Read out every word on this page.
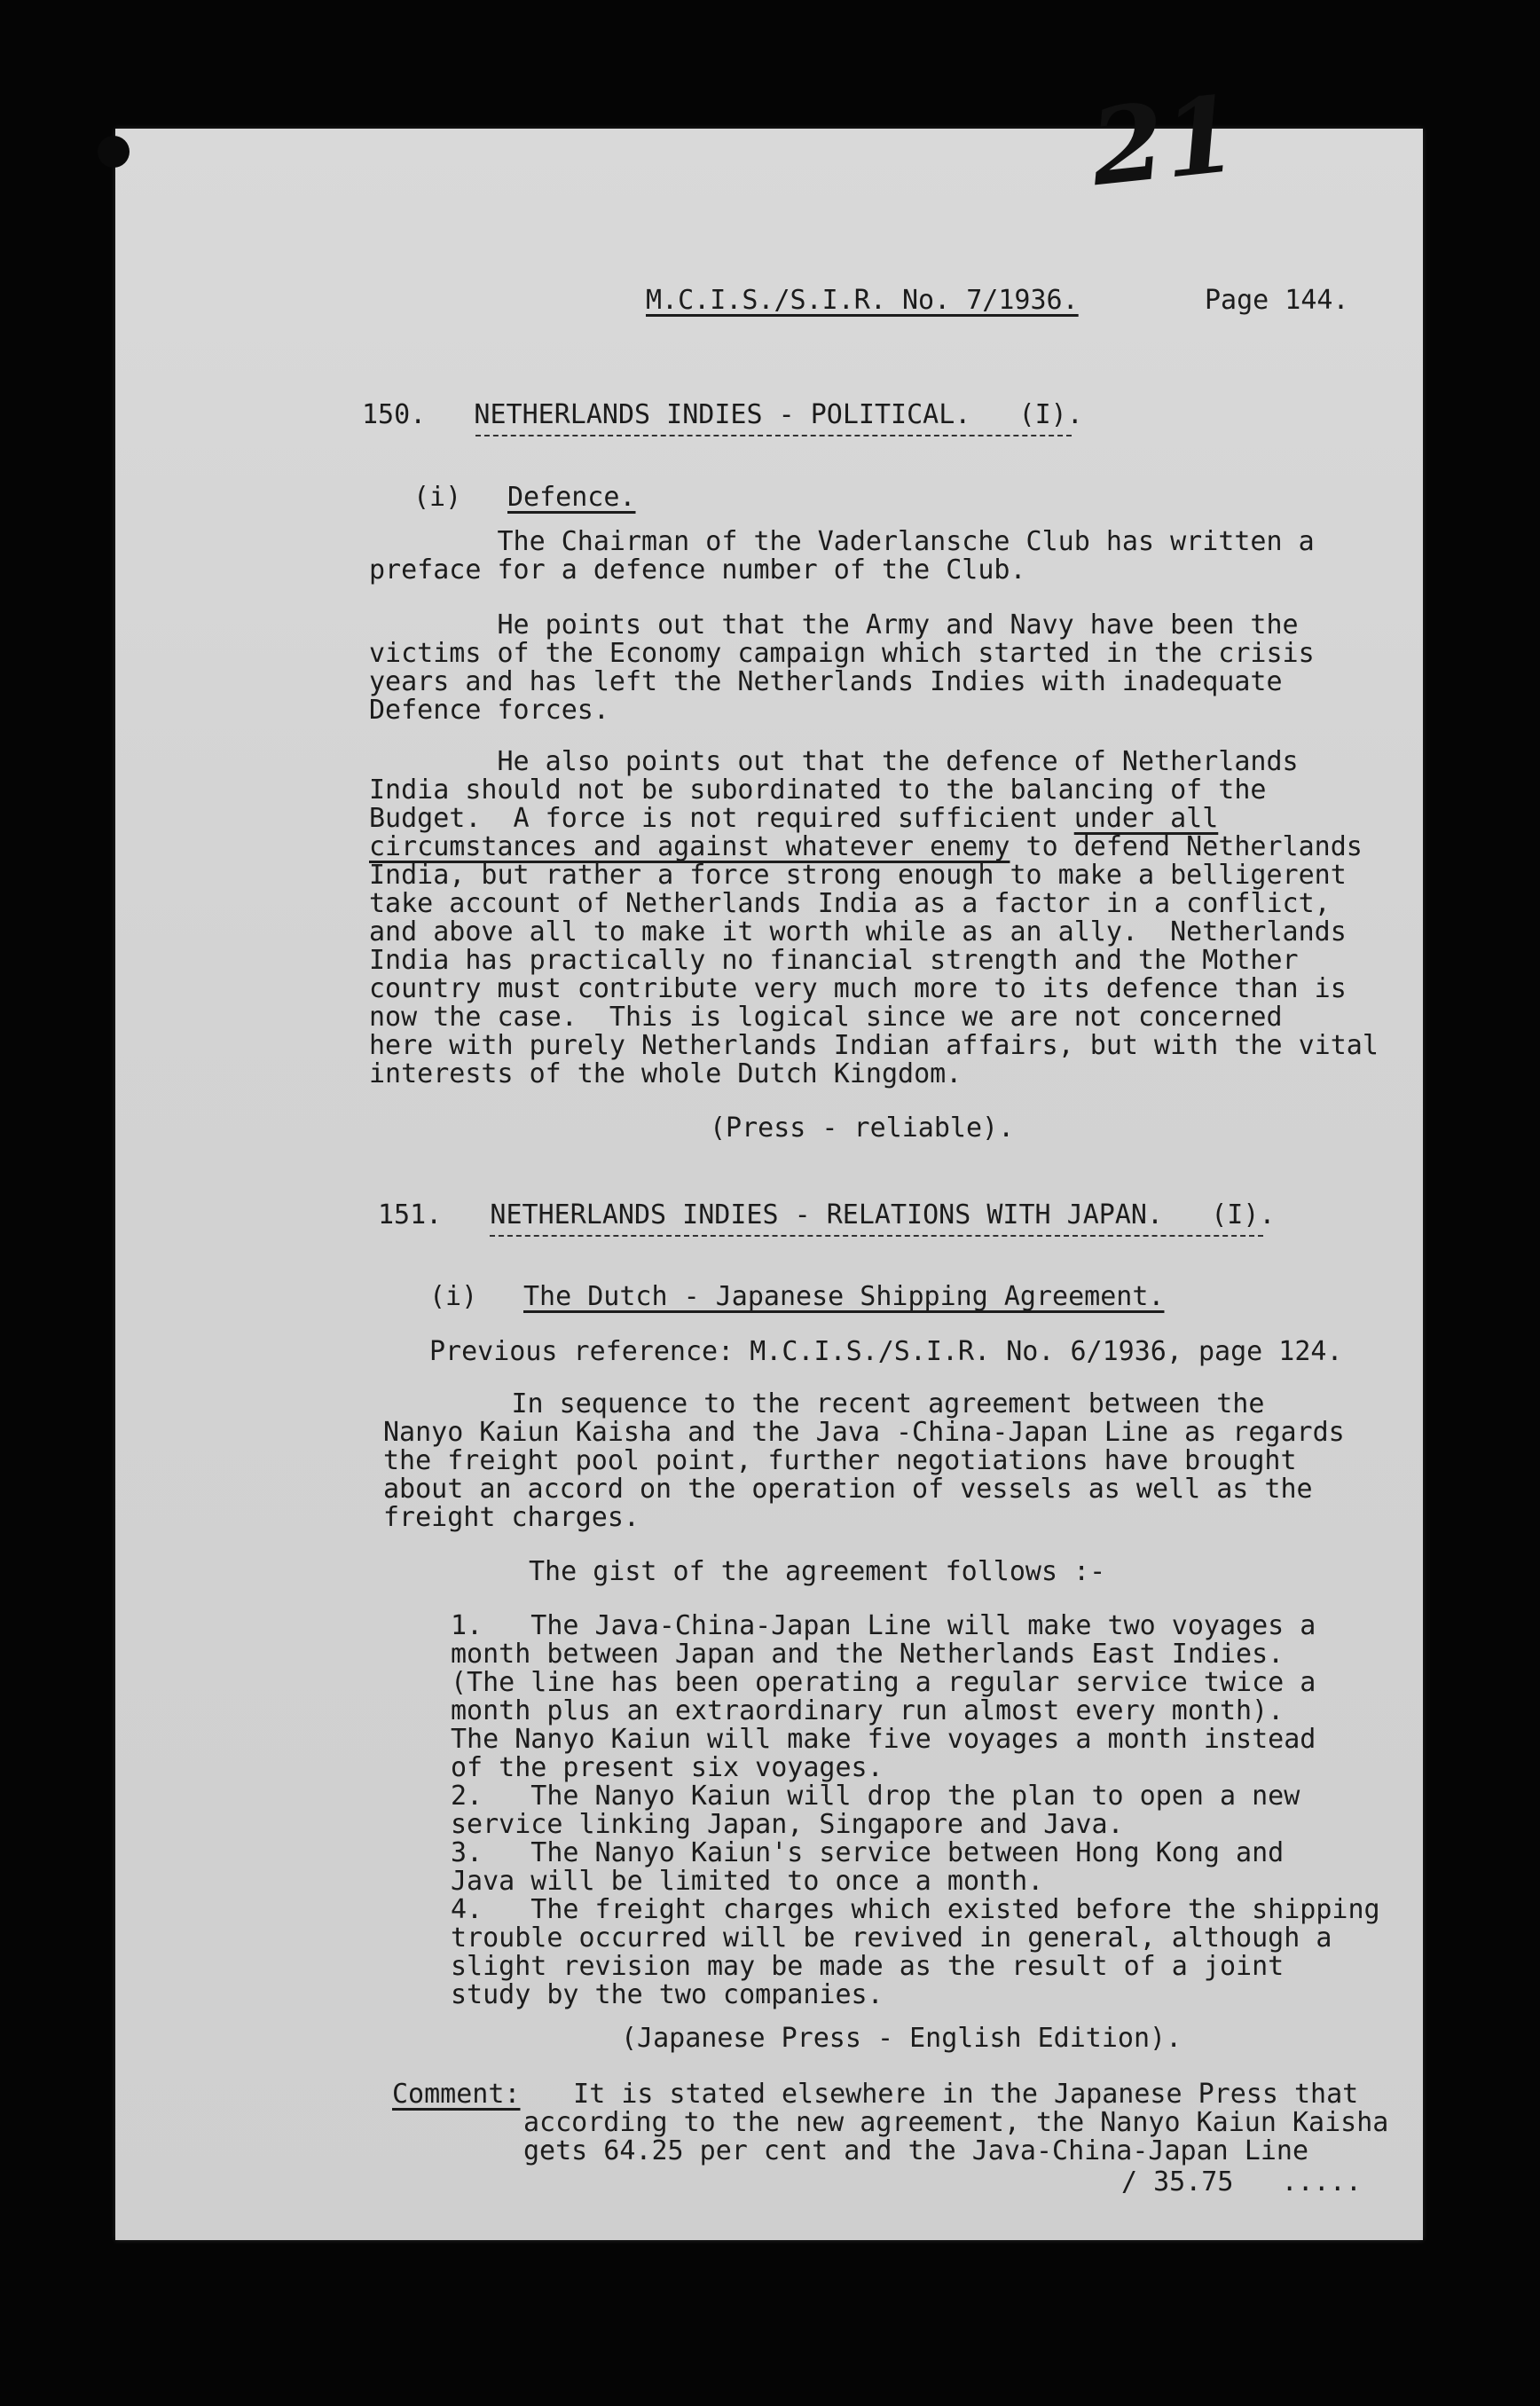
21
M.C.I.S./S.I.R. No. 7/1936.	Page 144.
150.   NETHERLANDS INDIES - POLITICAL.   (I).
(i) Defence.
The Chairman of the Vaderlansche Club has written a
preface for a defence number of the Club.
He points out that the Army and Navy have been the
victims of the Economy campaign which started in the crisis
years and has left the Netherlands Indies with inadequate
Defence forces.
He also points out that the defence of Netherlands
India should not be subordinated to the balancing of the
Budget.  A force is not required sufficient under all
circumstances and against whatever enemy to defend Netherlands
India, but rather a force strong enough to make a belligerent
take account of Netherlands India as a factor in a conflict,
and above all to make it worth while as an ally.  Netherlands
India has practically no financial strength and the Mother
country must contribute very much more to its defence than is
now the case.  This is logical since we are not concerned
here with purely Netherlands Indian affairs, but with the vital
interests of the whole Dutch Kingdom.
(Press - reliable).
151.   NETHERLANDS INDIES - RELATIONS WITH JAPAN.   (I).
(i) The Dutch - Japanese Shipping Agreement.
Previous reference: M.C.I.S./S.I.R. No. 6/1936, page 124.
In sequence to the recent agreement between the
Nanyo Kaiun Kaisha and the Java -China-Japan Line as regards
the freight pool point, further negotiations have brought
about an accord on the operation of vessels as well as the
freight charges.
The gist of the agreement follows :-
1.   The Java-China-Japan Line will make two voyages a
month between Japan and the Netherlands East Indies.
(The line has been operating a regular service twice a
month plus an extraordinary run almost every month).
The Nanyo Kaiun will make five voyages a month instead
of the present six voyages.
2.   The Nanyo Kaiun will drop the plan to open a new
service linking Japan, Singapore and Java.
3.   The Nanyo Kaiun's service between Hong Kong and
Java will be limited to once a month.
4.   The freight charges which existed before the shipping
trouble occurred will be revived in general, although a
slight revision may be made as the result of a joint
study by the two companies.
(Japanese Press - English Edition).
Comment: It is stated elsewhere in the Japanese Press that
according to the new agreement, the Nanyo Kaiun Kaisha
gets 64.25 per cent and the Java-China-Japan Line
/ 35.75   .....
